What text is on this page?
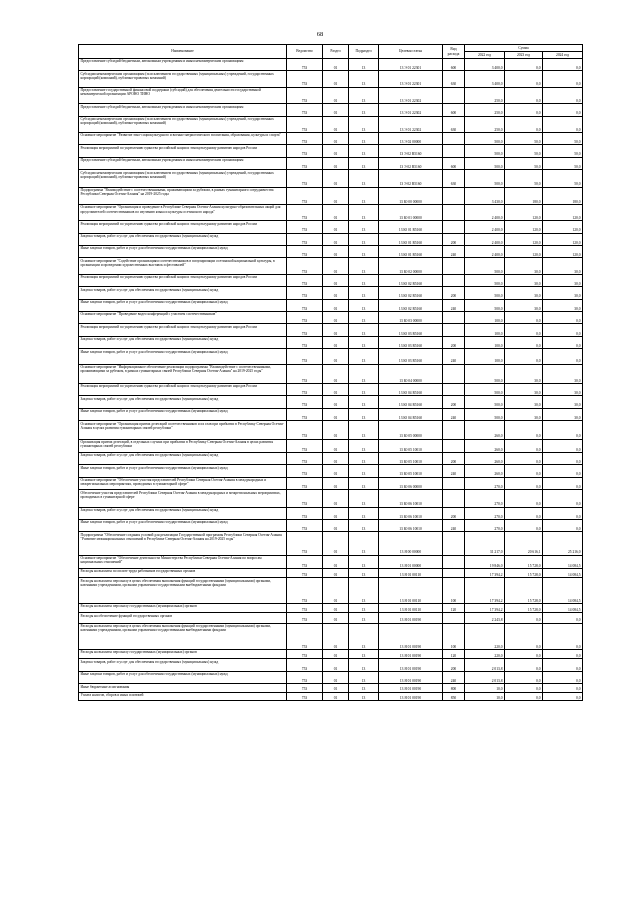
68
Наименование	Ведомство	Раздел	Подраздел	Целевая статья	Вид расхода	Сумма		
						2022 год	2023 год	2024 год
Предоставление субсидий бюджетным, автономным учреждениям и иным некоммерческим организациям	753	01	13	13 Э 01 22301	600	3 400,0	0,0	0,0
Субсидии некоммерческим организациям (за исключением государственных (муниципальных) учреждений, государственных корпораций (компаний), публично-правовых компаний)	753	01	13	13 Э 01 22301	630	3 400,0	0,0	0,0
Предоставление государственной финансовой поддержки (субсидий) для обеспечения деятельности государственной некоммерческой организации АРОНО ТИНО	753	01	13	13 Э 01 22302		250,0	0,0	0,0
Предоставление субсидий бюджетным, автономным учреждениям и иным некоммерческим организациям	753	01	13	13 Э 01 22302	600	250,0	0,0	0,0
Субсидии некоммерческим организациям (за исключением государственных (муниципальных) учреждений, государственных корпораций (компаний), публично-правовых компаний)	753	01	13	13 Э 01 22302	630	250,0	0,0	0,0
Основное мероприятие "Развитие этно-социокультурного и военно-патриотического воспитания, образования, культуры и спорта"	753	01	13	13 Э 02 00000		500,0	50,0	50,0
Реализация мероприятий по укреплению единства российской нации и этнокультурному развитию народов России	753	01	13	13 Э 02 R5160		500,0	50,0	50,0
Предоставление субсидий бюджетным, автономным учреждениям и иным некоммерческим организациям	753	01	13	13 Э 02 R5160	600	500,0	50,0	50,0
Субсидии некоммерческим организациям (за исключением государственных (муниципальных) учреждений, государственных корпораций (компаний), публично-правовых компаний)	753	01	13	13 Э 02 R5160	630	500,0	50,0	50,0
Подпрограмма "Взаимодействие с соотечественниками, проживающими за рубежом, в рамках гуманитарного сотрудничества Республики Северная Осетия-Алания" на 2019-2025 годы	753	01	13	13 Ю 00 00000		3 430,0	180,0	180,0
Основное мероприятие "Организация и проведение в Республике Северная Осетия-Алания культурно-образовательных акций для представителей соотечественников по изучению языка и культуры осетинского народа"	753	01	13	13 Ю 01 00000		2 400,0	120,0	120,0
Реализация мероприятий по укреплению единства российской нации и этнокультурному развитию народов России	753	01	13	13 Ю 01 R5160		2 400,0	120,0	120,0
Закупка товаров, работ и услуг для обеспечения государственных (муниципальных) нужд	753	01	13	13 Ю 01 R5160	200	2 400,0	120,0	120,0
Иные закупки товаров, работ и услуг для обеспечения государственных (муниципальных) нужд	753	01	13	13 Ю 01 R5160	240	2 400,0	120,0	120,0
Основное мероприятие "Содействие организациям соотечественников в популяризации осетинской национальной культуры, в организации и проведении художественных выставок и фестивалей"	753	01	13	13 Ю 02 00000		500,0	30,0	30,0
Реализация мероприятий по укреплению единства российской нации и этнокультурному развитию народов России	753	01	13	13 Ю 02 R5160		500,0	30,0	30,0
Закупка товаров, работ и услуг для обеспечения государственных (муниципальных) нужд	753	01	13	13 Ю 02 R5160	200	500,0	30,0	30,0
Иные закупки товаров, работ и услуг для обеспечения государственных (муниципальных) нужд	753	01	13	13 Ю 02 R5160	240	500,0	30,0	30,0
Основное мероприятие "Проведение видео конференций с участием соотечественников"	753	01	13	13 Ю 03 00000		100,0	0,0	0,0
Реализация мероприятий по укреплению единства российской нации и этнокультурному развитию народов России	753	01	13	13 Ю 03 R5160		100,0	0,0	0,0
Закупка товаров, работ и услуг для обеспечения государственных (муниципальных) нужд	753	01	13	13 Ю 03 R5160	200	100,0	0,0	0,0
Иные закупки товаров, работ и услуг для обеспечения государственных (муниципальных) нужд	753	01	13	13 Ю 03 R5160	240	100,0	0,0	0,0
Основное мероприятие "Информационное обеспечение реализации подпрограммы "Взаимодействие с соотечественниками, проживающими за рубежом, в рамках гуманитарных связей Республики Северная Осетия-Алания" на 2019-2025 годы"	753	01	13	13 Ю 04 00000		500,0	30,0	30,0
Реализация мероприятий по укреплению единства российской нации и этнокультурному развитию народов России	753	01	13	13 Ю 04 R5160		500,0	30,0	30,0
Закупка товаров, работ и услуг для обеспечения государственных (муниципальных) нужд	753	01	13	13 Ю 04 R5160	200	500,0	30,0	30,0
Иные закупки товаров, работ и услуг для обеспечения государственных (муниципальных) нужд	753	01	13	13 Ю 04 R5160	240	500,0	30,0	30,0
Основное мероприятие "Организация приема делегаций соотечественников и их глав при прибытии в Республику Северная Осетия-Алания в целях развития гуманитарных связей республики"	753	01	13	13 Ю 05 00000		260,0	0,0	0,0
Организация приема делегаций, в отдельных случаях при прибытии в Республику Северная Осетия-Алания в целях развития гуманитарных связей республики	753	01	13	13 Ю 05 10010		260,0	0,0	0,0
Закупка товаров, работ и услуг для обеспечения государственных (муниципальных) нужд	753	01	13	13 Ю 05 10010	200	260,0	0,0	0,0
Иные закупки товаров, работ и услуг для обеспечения государственных (муниципальных) нужд	753	01	13	13 Ю 05 10010	240	260,0	0,0	0,0
Основное мероприятие "Обеспечение участия представителей Республики Северная Осетия-Алания в международных и межрегиональных мероприятиях, проводимых в гуманитарной сфере"	753	01	13	13 Ю 06 00000		270,0	0,0	0,0
Обеспечение участия представителей Республики Северная Осетия-Алания в международных и межрегиональных мероприятиях, проводимых в гуманитарной сфере	753	01	13	13 Ю 06 10010		270,0	0,0	0,0
Закупка товаров, работ и услуг для обеспечения государственных (муниципальных) нужд	753	01	13	13 Ю 06 10010	200	270,0	0,0	0,0
Иные закупки товаров, работ и услуг для обеспечения государственных (муниципальных) нужд	753	01	13	13 Ю 06 10010	240	270,0	0,0	0,0
Подпрограмма "Обеспечение создания условий для реализации Государственной программы Республики Северная Осетия-Алания "Развитие межнациональных отношений в Республике Северная Осетия-Алания на 2019-2025 годы"	753	01	13	13 Я 00 00000		31 217,0	20 616,1	25 216,0
Основное мероприятие "Обеспечение деятельности Министерства Республики Северная Осетия-Алания по вопросам национальных отношений"	753	01	13	13 Я 01 00000		19 846,0	15 728,0	14 084,5
Расходы на выплаты по оплате труда работников государственных органов	753	01	13	13 Я 01 00110		17 394,2	15 728,0	14 084,5
Расходы на выплаты персоналу в целях обеспечения выполнения функций государственными (муниципальными) органами, казенными учреждениями, органами управления государственными внебюджетными фондами	753	01	13	13 Я 01 00110	100	17 394,2	15 728,0	14 084,5
Расходы на выплаты персоналу государственных (муниципальных) органов	753	01	13	13 Я 01 00110	120	17 394,2	15 728,0	14 084,5
Расходы на обеспечение функций государственных органов	753	01	13	13 Я 01 00190		2 243,8	0,0	0,0
Расходы на выплаты персоналу в целях обеспечения выполнения функций государственными (муниципальными) органами, казенными учреждениями, органами управления государственными внебюджетными фондами	753	01	13	13 Я 01 00190	100	220,0	0,0	0,0
Расходы на выплаты персоналу государственных (муниципальных) органов	753	01	13	13 Я 01 00190	120	220,0	0,0	0,0
Закупка товаров, работ и услуг для обеспечения государственных (муниципальных) нужд	753	01	13	13 Я 01 00190	200	2 013,8	0,0	0,0
Иные закупки товаров, работ и услуг для обеспечения государственных (муниципальных) нужд	753	01	13	13 Я 01 00190	240	2 013,8	0,0	0,0
Иные бюджетные ассигнования	753	01	13	13 Я 01 00190	800	10,0	0,0	0,0
Уплата налогов, сборов и иных платежей	753	01	13	13 Я 01 00190	850	10,0	0,0	0,0
